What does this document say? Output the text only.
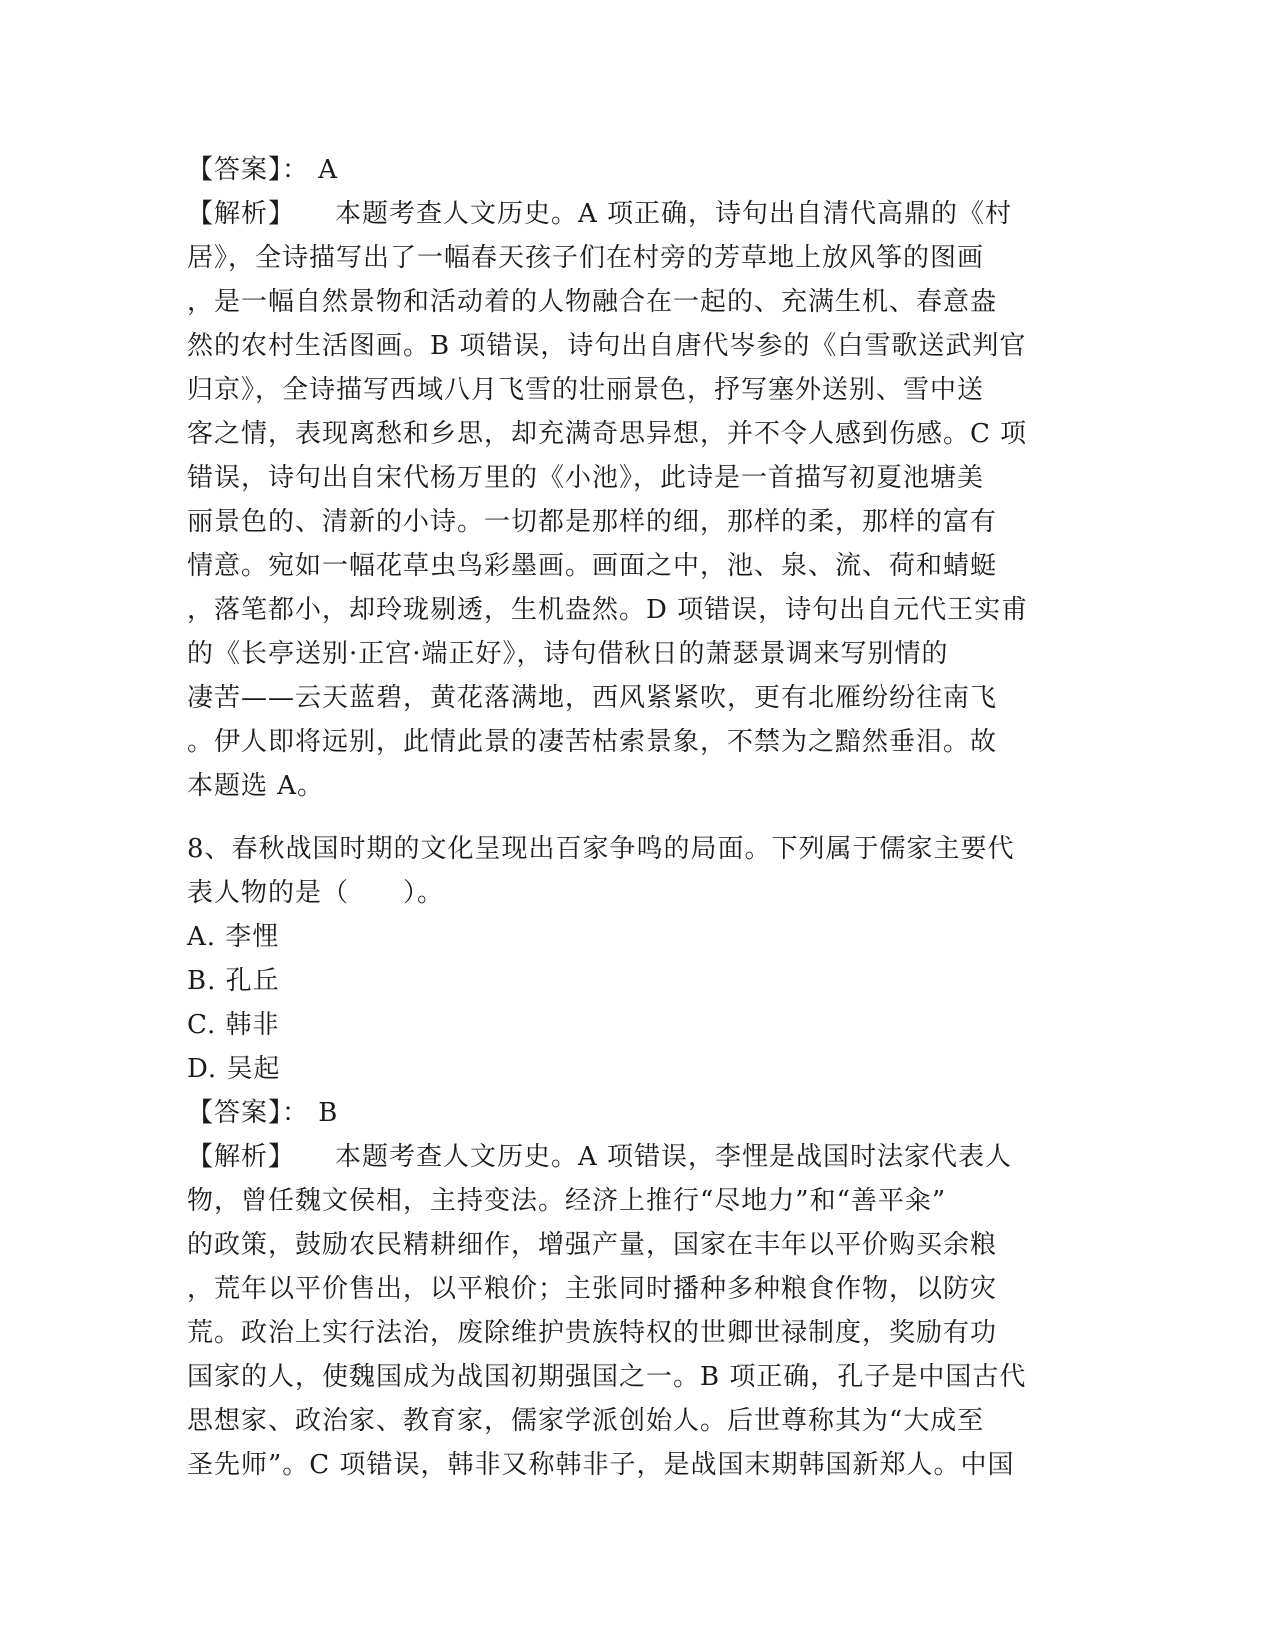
【答案】： A
【解析】 本题考查人文历史。A 项正确，诗句出自清代高鼎的《村
居》，全诗描写出了一幅春天孩子们在村旁的芳草地上放风筝的图画
，是一幅自然景物和活动着的人物融合在一起的、充满生机、春意盎
然的农村生活图画。B 项错误，诗句出自唐代岑参的《白雪歌送武判官
归京》，全诗描写西域八月飞雪的壮丽景色，抒写塞外送别、雪中送
客之情，表现离愁和乡思，却充满奇思异想，并不令人感到伤感。C 项
错误，诗句出自宋代杨万里的《小池》，此诗是一首描写初夏池塘美
丽景色的、清新的小诗。一切都是那样的细，那样的柔，那样的富有
情意。宛如一幅花草虫鸟彩墨画。画面之中，池、泉、流、荷和蜻蜓
，落笔都小，却玲珑剔透，生机盎然。D 项错误，诗句出自元代王实甫
的《长亭送别·正宫·端正好》，诗句借秋日的萧瑟景调来写别情的
凄苦——云天蓝碧，黄花落满地，西风紧紧吹，更有北雁纷纷往南飞
。伊人即将远别，此情此景的凄苦枯索景象，不禁为之黯然垂泪。故
本题选 A。
8、春秋战国时期的文化呈现出百家争鸣的局面。下列属于儒家主要代
表人物的是（　　）。
A. 李悝
B. 孔丘
C. 韩非
D. 吴起
【答案】： B
【解析】 本题考查人文历史。A 项错误，李悝是战国时法家代表人
物，曾任魏文侯相，主持变法。经济上推行“尽地力”和“善平籴”
的政策，鼓励农民精耕细作，增强产量，国家在丰年以平价购买余粮
，荒年以平价售出，以平粮价；主张同时播种多种粮食作物，以防灾
荒。政治上实行法治，废除维护贵族特权的世卿世禄制度，奖励有功
国家的人，使魏国成为战国初期强国之一。B 项正确，孔子是中国古代
思想家、政治家、教育家，儒家学派创始人。后世尊称其为“大成至
圣先师”。C 项错误，韩非又称韩非子，是战国末期韩国新郑人。中国
